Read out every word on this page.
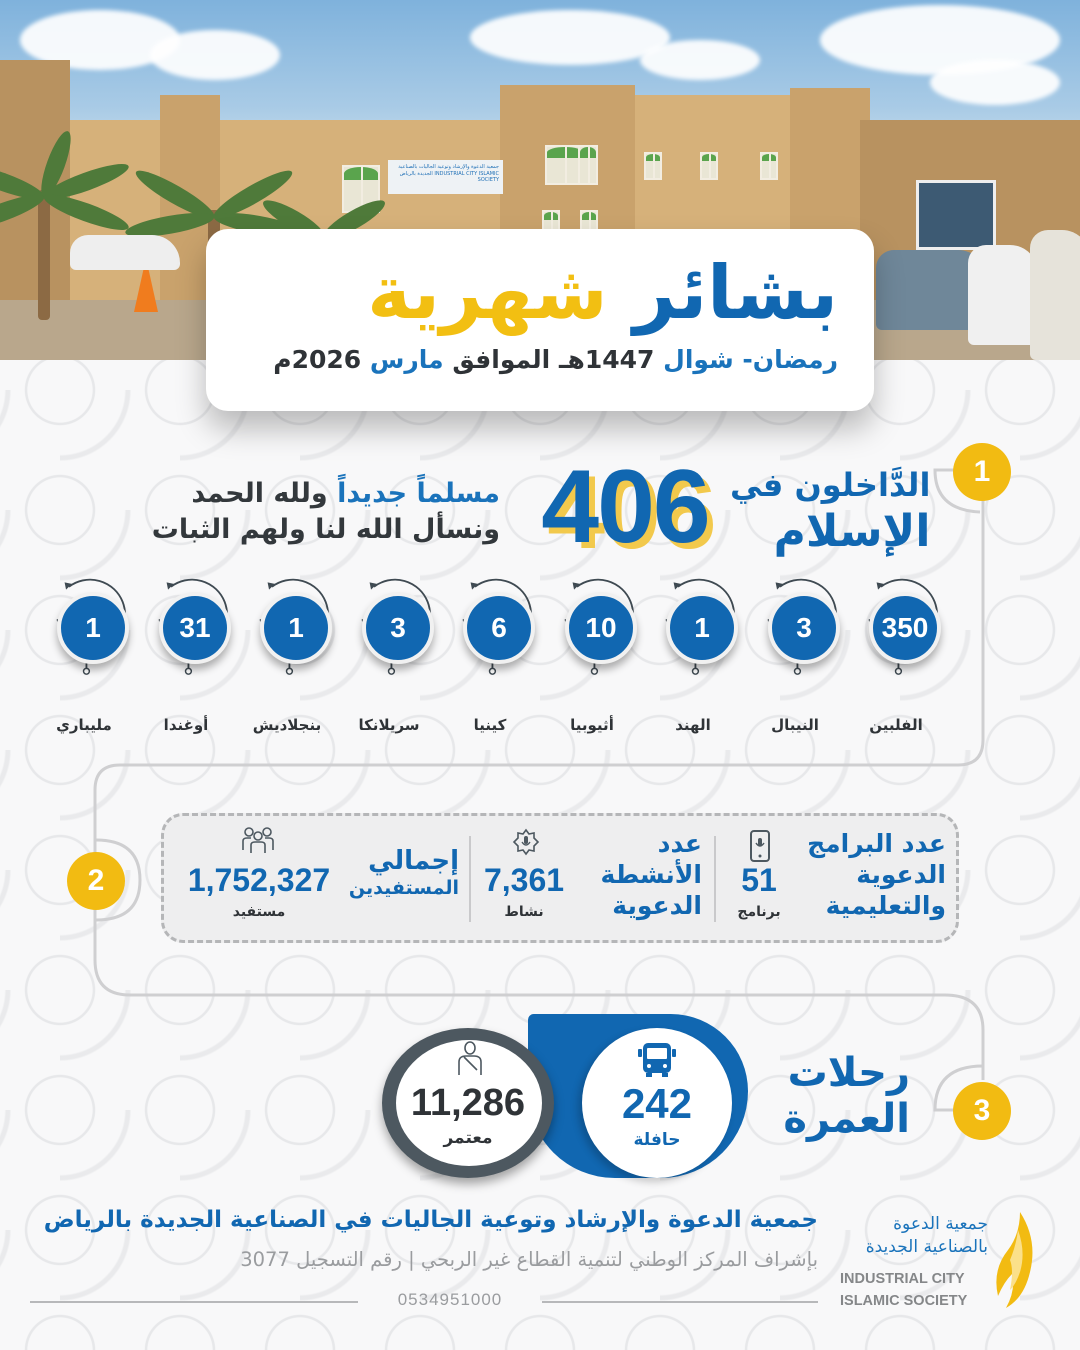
جمعية الدعوة والإرشاد وتوعية الجاليات بالصناعية الجديدة بالرياض INDUSTRIAL CITY ISLAMIC SOCIETY
بشائر شهرية
رمضان- شوال 1447هـ الموافق مارس 2026م
1
2
3
الدَّاخلون في
الإسلام
406
مسلماً جديداً ولله الحمد
ونسأل الله لنا ولهم الثبات
350
الفلبين
3
النيبال
1
الهند
10
أثيوبيا
6
كينيا
3
سريلانكا
1
بنجلاديش
31
أوغندا
1
مليباري
عدد البرامج
الدعوية
والتعليمية
51
برنامج
عدد
الأنشطة
الدعوية
7,361
نشاط
إجمالي
المستفيدين
1,752,327
مستفيد
رحلات
العمرة
242
حافلة
11,286
معتمر
جمعية الدعوة والإرشاد وتوعية الجاليات في الصناعية الجديدة بالرياض
بإشراف المركز الوطني لتنمية القطاع غير الربحي | رقم التسجيل 3077
0534951000
جمعية الدعوة
بالصناعية الجديدة
INDUSTRIAL CITY
ISLAMIC SOCIETY
